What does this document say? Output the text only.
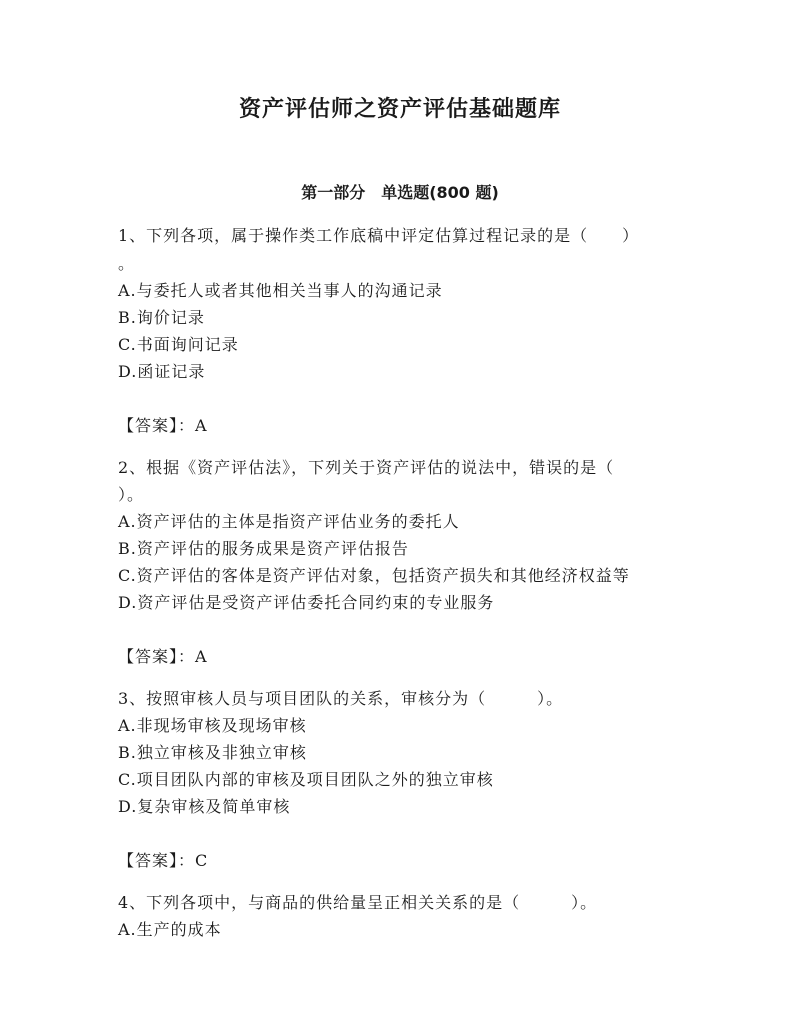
资产评估师之资产评估基础题库
第一部分　单选题(800 题)
1、下列各项，属于操作类工作底稿中评定估算过程记录的是（　　）
。
A.与委托人或者其他相关当事人的沟通记录
B.询价记录
C.书面询问记录
D.函证记录
【答案】：A
2、根据《资产评估法》，下列关于资产评估的说法中，错误的是（
）。
A.资产评估的主体是指资产评估业务的委托人
B.资产评估的服务成果是资产评估报告
C.资产评估的客体是资产评估对象，包括资产损失和其他经济权益等
D.资产评估是受资产评估委托合同约束的专业服务
【答案】：A
3、按照审核人员与项目团队的关系，审核分为（　　　）。
A.非现场审核及现场审核
B.独立审核及非独立审核
C.项目团队内部的审核及项目团队之外的独立审核
D.复杂审核及简单审核
【答案】：C
4、下列各项中，与商品的供给量呈正相关关系的是（　　　）。
A.生产的成本
